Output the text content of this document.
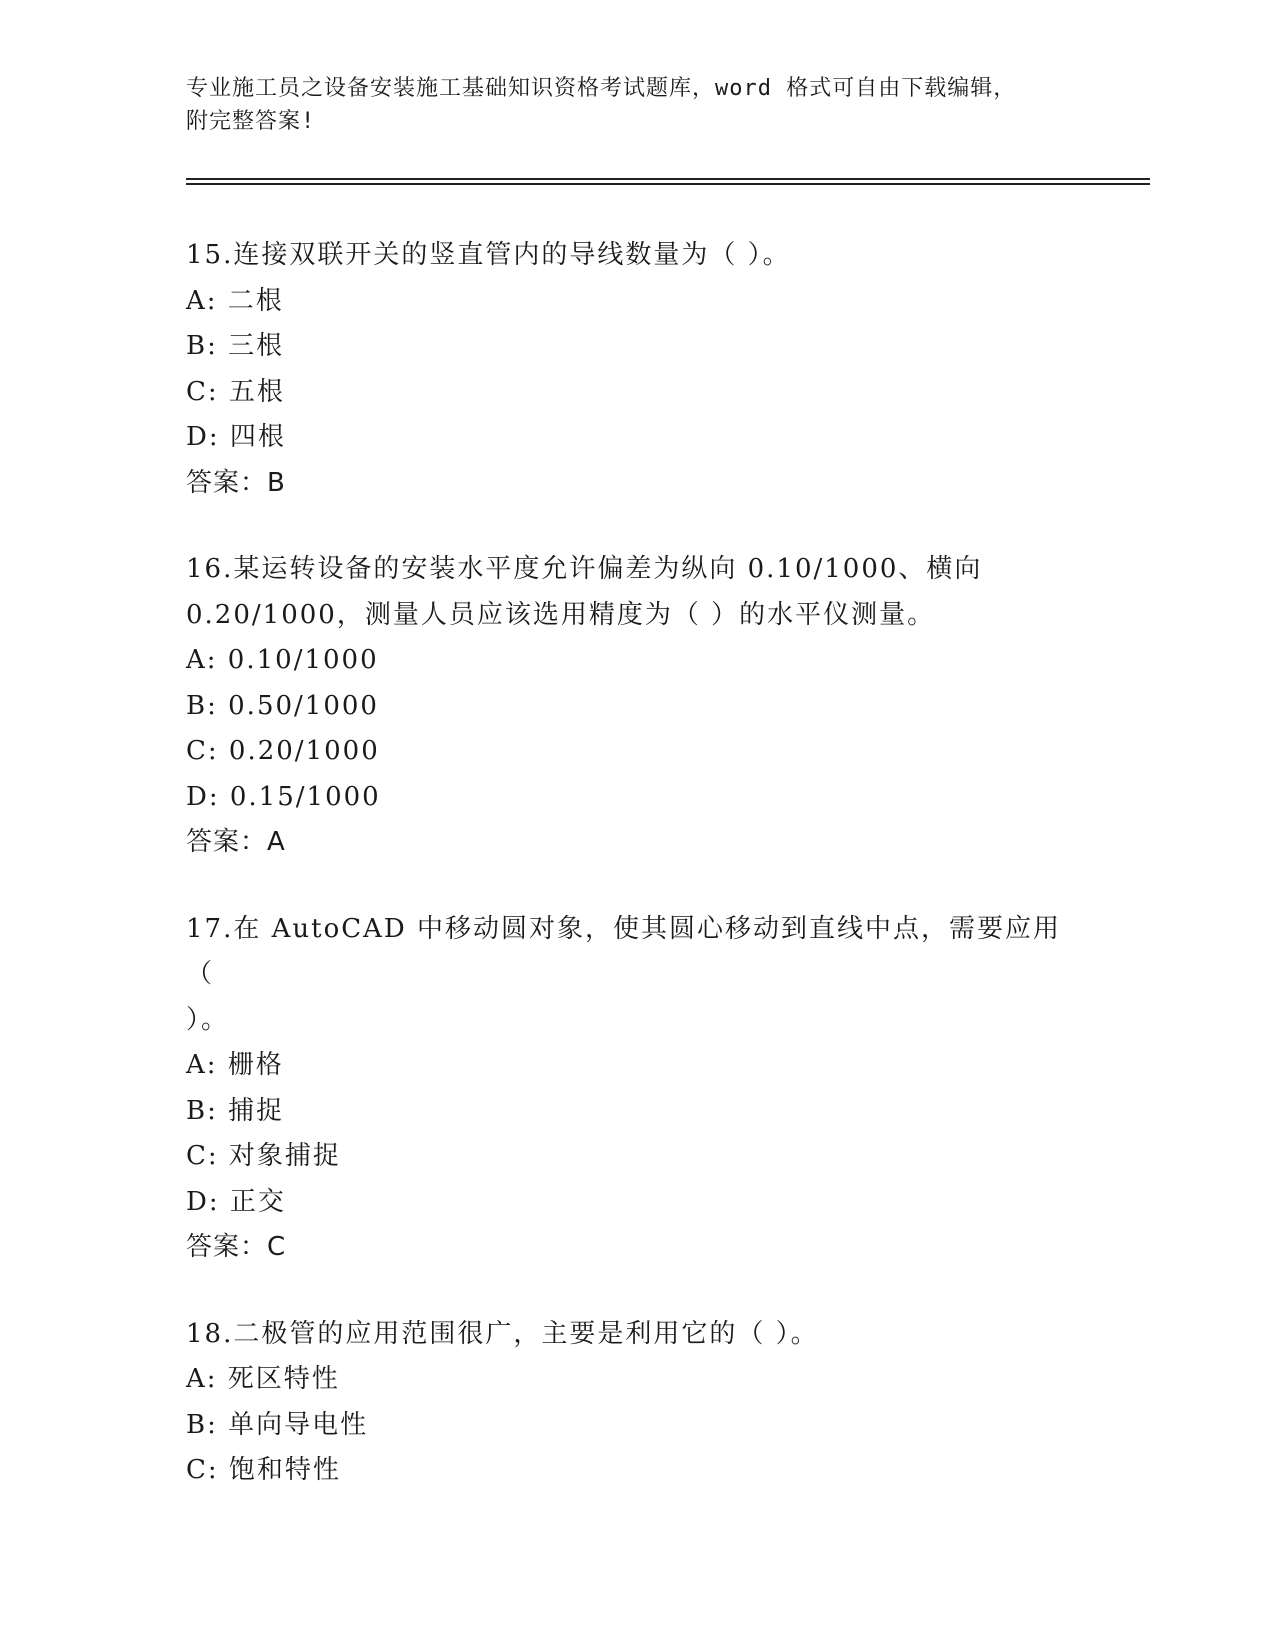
专业施工员之设备安装施工基础知识资格考试题库，word 格式可自由下载编辑，
附完整答案!
15.连接双联开关的竖直管内的导线数量为（ ）。
A: 二根
B: 三根
C: 五根
D: 四根
答案：B
16.某运转设备的安装水平度允许偏差为纵向 0.10/1000、横向
0.20/1000，测量人员应该选用精度为（ ）的水平仪测量。
A: 0.10/1000
B: 0.50/1000
C: 0.20/1000
D: 0.15/1000
答案：A
17.在 AutoCAD 中移动圆对象，使其圆心移动到直线中点，需要应用（
）。
A: 栅格
B: 捕捉
C: 对象捕捉
D: 正交
答案：C
18.二极管的应用范围很广，主要是利用它的（ ）。
A: 死区特性
B: 单向导电性
C: 饱和特性
